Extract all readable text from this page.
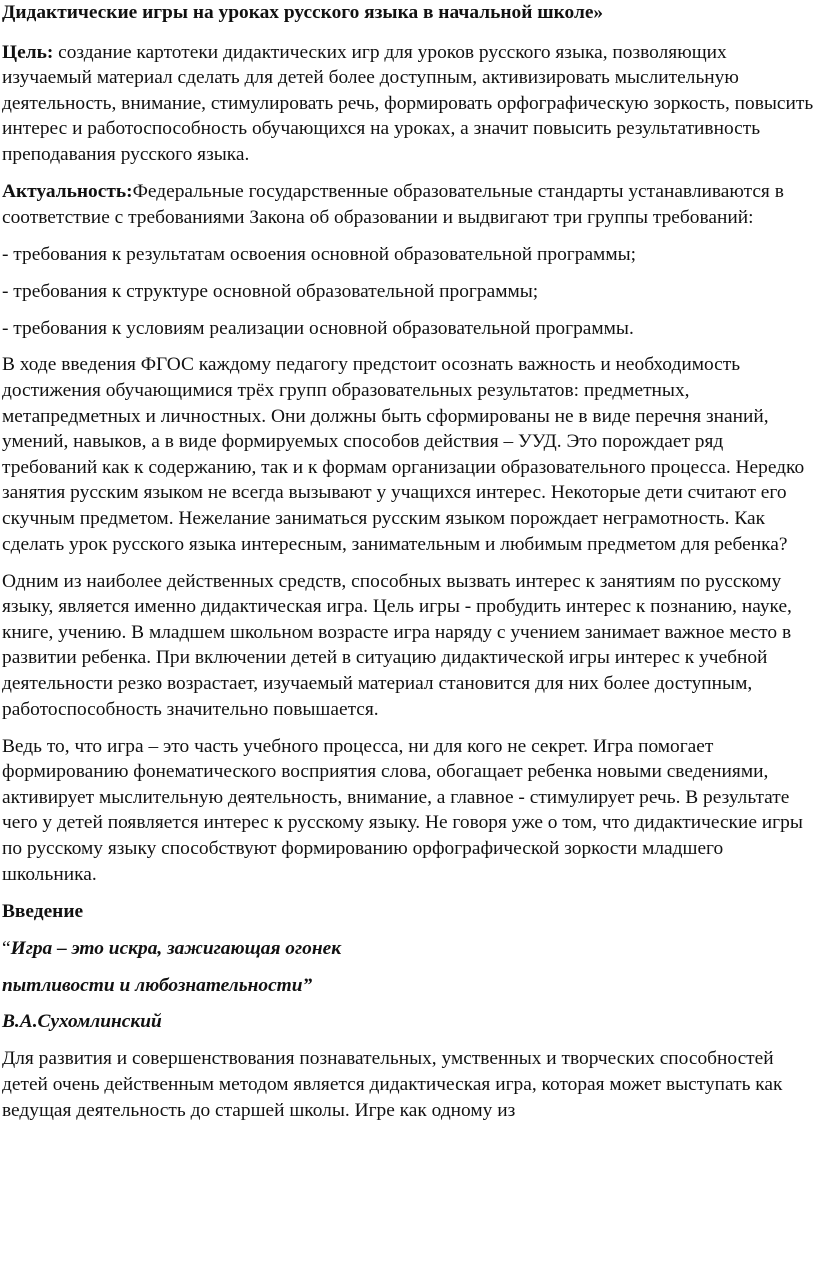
Дидактические игры на уроках русского языка в начальной школе»

Цель: создание картотеки дидактических игр для уроков русского языка, позволяющих изучаемый материал сделать для детей более доступным, активизировать мыслительную деятельность, внимание, стимулировать речь, формировать орфографическую зоркость, повысить интерес и работоспособность обучающихся на уроках, а значит повысить результативность преподавания русского языка.

Актуальность:Федеральные государственные образовательные стандарты устанавливаются в соответствие с требованиями Закона об образовании и выдвигают три группы требований:

- требования к результатам освоения основной образовательной программы;

- требования к структуре основной образовательной программы;

- требования к условиям реализации основной образовательной программы.

В ходе введения ФГОС каждому педагогу предстоит осознать важность и необходимость достижения обучающимися трёх групп образовательных результатов: предметных, метапредметных и личностных. Они должны быть сформированы не в виде перечня знаний, умений, навыков, а в виде формируемых способов действия – УУД. Это порождает ряд требований как к содержанию, так и к формам организации образовательного процесса. Нередко занятия русским языком не всегда вызывают у учащихся интерес. Некоторые дети считают его скучным предметом. Нежелание заниматься русским языком порождает неграмотность. Как сделать урок русского языка интересным, занимательным и любимым предметом для ребенка?

Одним из наиболее действенных средств, способных вызвать интерес к занятиям по русскому языку, является именно дидактическая игра. Цель игры - пробудить интерес к познанию, науке, книге, учению. В младшем школьном возрасте игра наряду с учением занимает важное место в развитии ребенка. При включении детей в ситуацию дидактической игры интерес к учебной деятельности резко возрастает, изучаемый материал становится для них более доступным, работоспособность значительно повышается.

Ведь то, что игра – это часть учебного процесса, ни для кого не секрет. Игра помогает формированию фонематического восприятия слова, обогащает ребенка новыми сведениями, активирует мыслительную деятельность, внимание, а главное - стимулирует речь. В результате чего у детей появляется интерес к русскому языку. Не говоря уже о том, что дидактические игры по русскому языку способствуют формированию орфографической зоркости младшего школьника.

Введение

“Игра – это искра, зажигающая огонек

пытливости и любознательности”

В.А.Сухомлинский

Для развития и совершенствования познавательных, умственных и творческих способностей детей очень действенным методом является дидактическая игра, которая может выступать как ведущая деятельность до старшей школы. Игре как одному из
